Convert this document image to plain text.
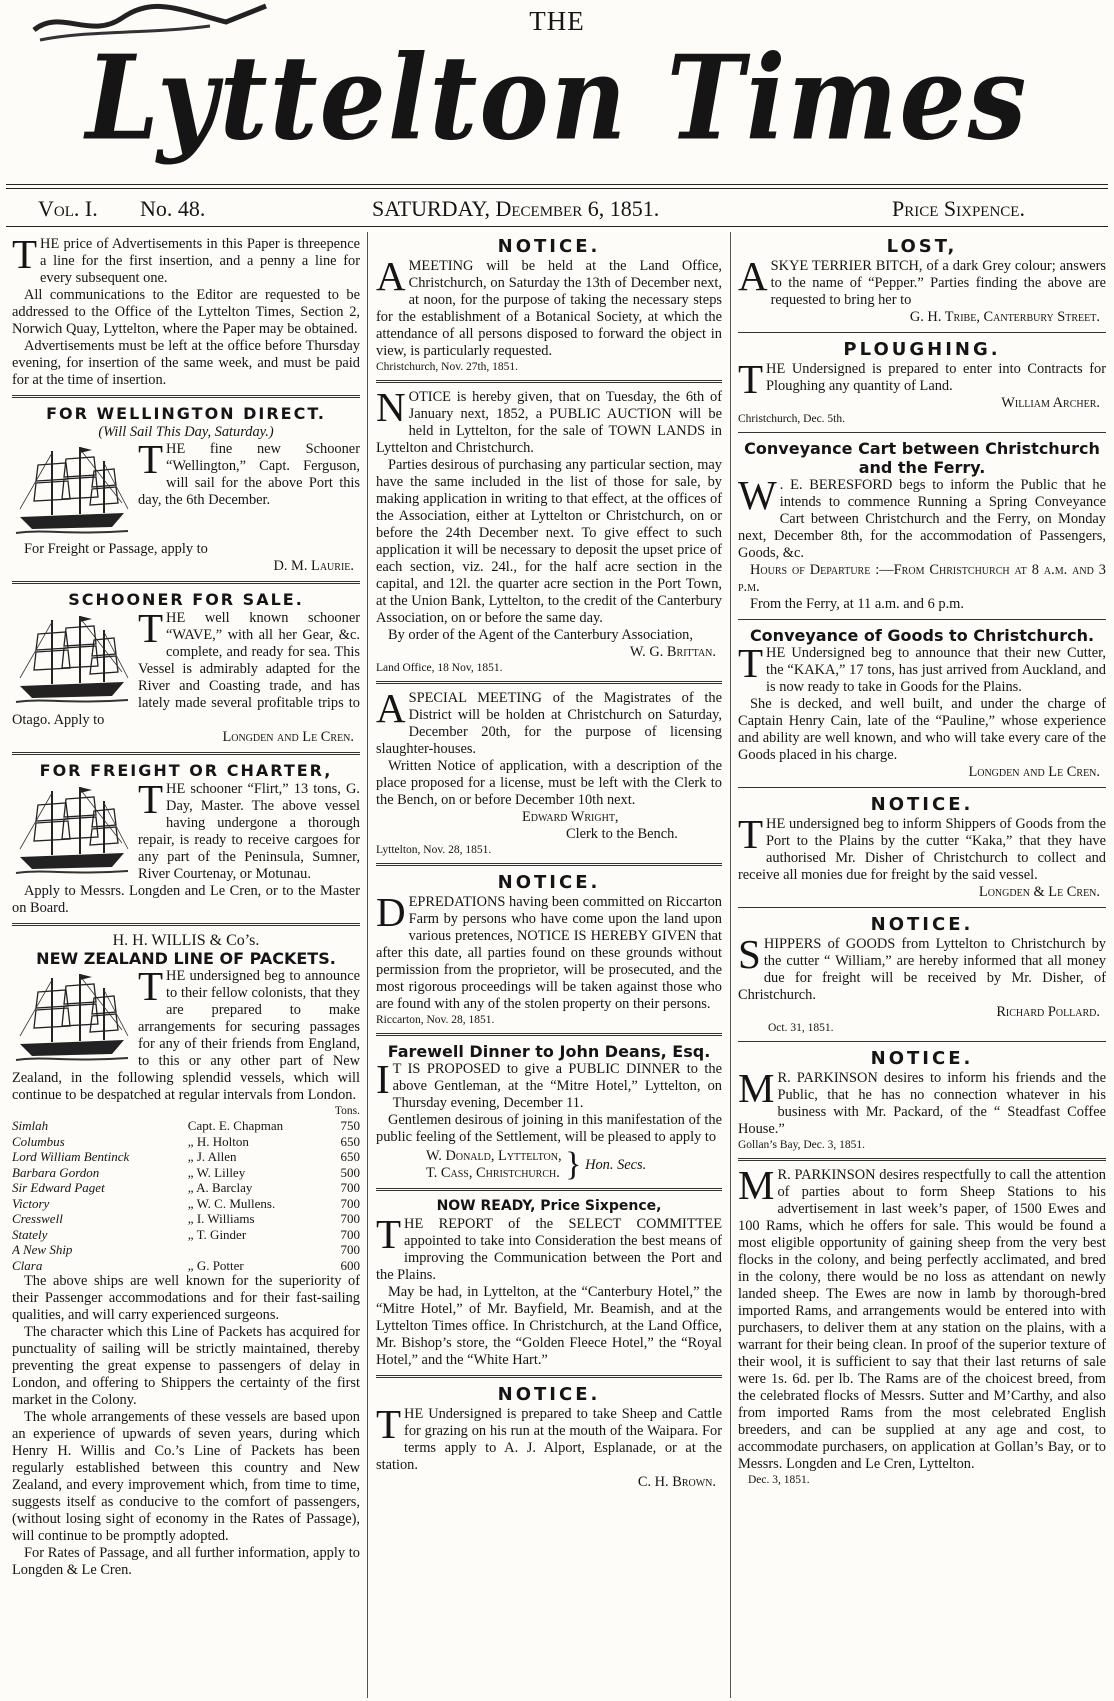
THE
Lyttelton Times
Vol. I. No. 48.	SATURDAY, December 6, 1851.	Price Sixpence.

THE price of Advertisements in this Paper is threepence a line for the first insertion, and a penny a line for every subsequent one.

All communications to the Editor are requested to be addressed to the Office of the Lyttelton Times, Section 2, Norwich Quay, Lyttelton, where the Paper may be obtained.

Advertisements must be left at the office before Thursday evening, for insertion of the same week, and must be paid for at the time of insertion.

FOR WELLINGTON DIRECT.
(Will Sail This Day, Saturday.)

THE fine new Schooner “Wellington,” Capt. Ferguson, will sail for the above Port this day, the 6th December.

For Freight or Passage, apply to

D. M. Laurie.
SCHOONER FOR SALE.

THE well known schooner “WAVE,” with all her Gear, &c. complete, and ready for sea. This Vessel is admirably adapted for the River and Coasting trade, and has lately made several profitable trips to Otago. Apply to

Longden and Le Cren.
FOR FREIGHT OR CHARTER,

THE schooner “Flirt,” 13 tons, G. Day, Master. The above vessel having undergone a thorough repair, is ready to receive cargoes for any part of the Peninsula, Sumner, River Courtenay, or Motunau.

Apply to Messrs. Longden and Le Cren, or to the Master on Board.

H. H. WILLIS & Co’s.
NEW ZEALAND LINE OF PACKETS.

THE undersigned beg to announce to their fellow colonists, that they are prepared to make arrangements for securing passages for any of their friends from England, to this or any other part of New Zealand, in the following splendid vessels, which will continue to be despatched at regular intervals from London.

Tons.
Simlah	Capt. E. Chapman	750
Columbus	„ H. Holton	650
Lord William Bentinck	„ J. Allen	650
Barbara Gordon	„ W. Lilley	500
Sir Edward Paget	„ A. Barclay	700
Victory	„ W. C. Mullens.	700
Cresswell	„ I. Williams	700
Stately	„ T. Ginder	700
A New Ship		700
Clara	„ G. Potter	600

The above ships are well known for the superiority of their Passenger accommodations and for their fast-sailing qualities, and will carry experienced surgeons.

The character which this Line of Packets has acquired for punctuality of sailing will be strictly maintained, thereby preventing the great expense to passengers of delay in London, and offering to Shippers the certainty of the first market in the Colony.

The whole arrangements of these vessels are based upon an experience of upwards of seven years, during which Henry H. Willis and Co.’s Line of Packets has been regularly established between this country and New Zealand, and every improvement which, from time to time, suggests itself as conducive to the comfort of passengers, (without losing sight of economy in the Rates of Passage), will continue to be promptly adopted.

For Rates of Passage, and all further information, apply to Longden & Le Cren.

NOTICE.

AMEETING will be held at the Land Office, Christchurch, on Saturday the 13th of December next, at noon, for the purpose of taking the necessary steps for the establishment of a Botanical Society, at which the attendance of all persons disposed to forward the object in view, is particularly requested.

Christchurch, Nov. 27th, 1851.

NOTICE is hereby given, that on Tuesday, the 6th of January next, 1852, a PUBLIC AUCTION will be held in Lyttelton, for the sale of TOWN LANDS in Lyttelton and Christchurch.

Parties desirous of purchasing any particular section, may have the same included in the list of those for sale, by making application in writing to that effect, at the offices of the Association, either at Lyttelton or Christchurch, on or before the 24th December next. To give effect to such application it will be necessary to deposit the upset price of each section, viz. 24l., for the half acre section in the capital, and 12l. the quarter acre section in the Port Town, at the Union Bank, Lyttelton, to the credit of the Canterbury Association, on or before the same day.

By order of the Agent of the Canterbury Association,

W. G. Brittan.
Land Office, 18 Nov, 1851.

ASPECIAL MEETING of the Magistrates of the District will be holden at Christchurch on Saturday, December 20th, for the purpose of licensing slaughter-houses.

Written Notice of application, with a description of the place proposed for a license, must be left with the Clerk to the Bench, on or before December 10th next.

Edward Wright,
Clerk to the Bench.
Lyttelton, Nov. 28, 1851.
NOTICE.

DEPREDATIONS having been committed on Riccarton Farm by persons who have come upon the land upon various pretences, NOTICE IS HEREBY GIVEN that after this date, all parties found on these grounds without permission from the proprietor, will be prosecuted, and the most rigorous proceedings will be taken against those who are found with any of the stolen property on their persons.

Riccarton, Nov. 28, 1851.
Farewell Dinner to John Deans, Esq.

I T IS PROPOSED to give a PUBLIC DINNER to the above Gentleman, at the “Mitre Hotel,” Lyttelton, on Thursday evening, December 11.

Gentlemen desirous of joining in this manifestation of the public feeling of the Settlement, will be pleased to apply to

W. Donald, Lyttelton,
T. Cass, Christchurch. } Hon. Secs.
NOW READY, Price Sixpence,

THE REPORT of the SELECT COMMITTEE appointed to take into Consideration the best means of improving the Communication between the Port and the Plains.

May be had, in Lyttelton, at the “Canterbury Hotel,” the “Mitre Hotel,” of Mr. Bayfield, Mr. Beamish, and at the Lyttelton Times office. In Christchurch, at the Land Office, Mr. Bishop’s store, the “Golden Fleece Hotel,” the “Royal Hotel,” and the “White Hart.”

NOTICE.

THE Undersigned is prepared to take Sheep and Cattle for grazing on his run at the mouth of the Waipara. For terms apply to A. J. Alport, Esplanade, or at the station.

C. H. Brown.
LOST,

ASKYE TERRIER BITCH, of a dark Grey colour; answers to the name of “Pepper.” Parties finding the above are requested to bring her to

G. H. Tribe, Canterbury Street.
PLOUGHING.

THE Undersigned is prepared to enter into Contracts for Ploughing any quantity of Land.

William Archer.
Christchurch, Dec. 5th.
Conveyance Cart between Christchurch and the Ferry.

W . E. BERESFORD begs to inform the Public that he intends to commence Running a Spring Conveyance Cart between Christchurch and the Ferry, on Monday next, December 8th, for the accommodation of Passengers, Goods, &c.

Hours of Departure :—From Christchurch at 8 a.m. and 3 p.m.

From the Ferry, at 11 a.m. and 6 p.m.

Conveyance of Goods to Christchurch.

THE Undersigned beg to announce that their new Cutter, the “KAKA,” 17 tons, has just arrived from Auckland, and is now ready to take in Goods for the Plains.

She is decked, and well built, and under the charge of Captain Henry Cain, late of the “Pauline,” whose experience and ability are well known, and who will take every care of the Goods placed in his charge.

Longden and Le Cren.
NOTICE.

THE undersigned beg to inform Shippers of Goods from the Port to the Plains by the cutter “Kaka,” that they have authorised Mr. Disher of Christchurch to collect and receive all monies due for freight by the said vessel.

Longden & Le Cren.
NOTICE.

SHIPPERS of GOODS from Lyttelton to Christchurch by the cutter “ William,” are hereby informed that all money due for freight will be received by Mr. Disher, of Christchurch.

Richard Pollard.
Oct. 31, 1851.
NOTICE.

M R. PARKINSON desires to inform his friends and the Public, that he has no connection whatever in his business with Mr. Packard, of the “ Steadfast Coffee House.”

Gollan’s Bay, Dec. 3, 1851.

M R. PARKINSON desires respectfully to call the attention of parties about to form Sheep Stations to his advertisement in last week’s paper, of 1500 Ewes and 100 Rams, which he offers for sale. This would be found a most eligible opportunity of gaining sheep from the very best flocks in the colony, and being perfectly acclimated, and bred in the colony, there would be no loss as attendant on newly landed sheep. The Ewes are now in lamb by thorough-bred imported Rams, and arrangements would be entered into with purchasers, to deliver them at any station on the plains, with a warrant for their being clean. In proof of the superior texture of their wool, it is sufficient to say that their last returns of sale were 1s. 6d. per lb. The Rams are of the choicest breed, from the celebrated flocks of Messrs. Sutter and M’Carthy, and also from imported Rams from the most celebrated English breeders, and can be supplied at any age and cost, to accommodate purchasers, on application at Gollan’s Bay, or to Messrs. Longden and Le Cren, Lyttelton.

Dec. 3, 1851.
